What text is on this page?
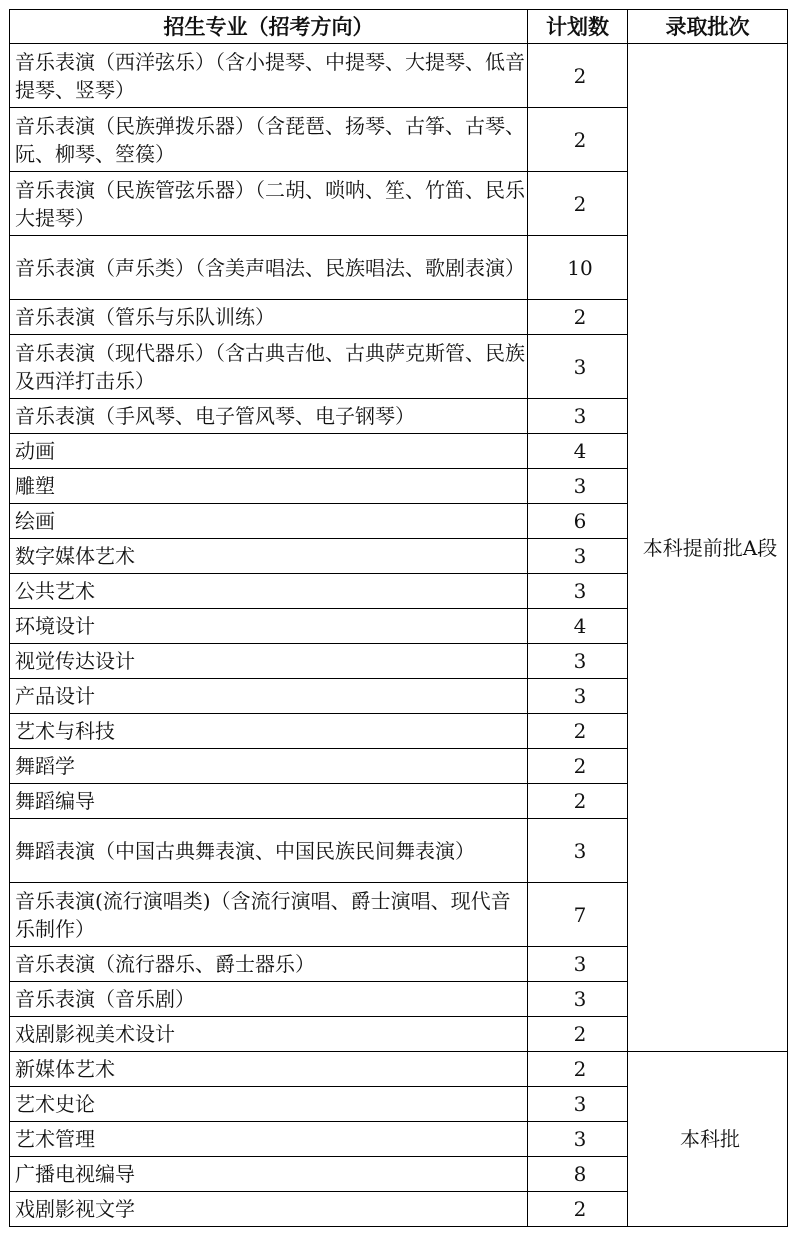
招生专业（招考方向）	计划数	录取批次
音乐表演（西洋弦乐）（含小提琴、中提琴、大提琴、低音提琴、竖琴）	2	本科提前批A段
音乐表演（民族弹拨乐器）（含琵琶、扬琴、古筝、古琴、阮、柳琴、箜篌）	2	
音乐表演（民族管弦乐器）（二胡、唢呐、笙、竹笛、民乐大提琴）	2	
音乐表演（声乐类）（含美声唱法、民族唱法、歌剧表演）	10	
音乐表演（管乐与乐队训练）	2	
音乐表演（现代器乐）（含古典吉他、古典萨克斯管、民族及西洋打击乐）	3	
音乐表演（手风琴、电子管风琴、电子钢琴）	3	
动画	4	
雕塑	3	
绘画	6	
数字媒体艺术	3	
公共艺术	3	
环境设计	4	
视觉传达设计	3	
产品设计	3	
艺术与科技	2	
舞蹈学	2	
舞蹈编导	2	
舞蹈表演（中国古典舞表演、中国民族民间舞表演）	3	
音乐表演(流行演唱类)（含流行演唱、爵士演唱、现代音乐制作）	7	
音乐表演（流行器乐、爵士器乐）	3	
音乐表演（音乐剧）	3	
戏剧影视美术设计	2	
新媒体艺术	2	本科批
艺术史论	3	
艺术管理	3	
广播电视编导	8	
戏剧影视文学	2	
